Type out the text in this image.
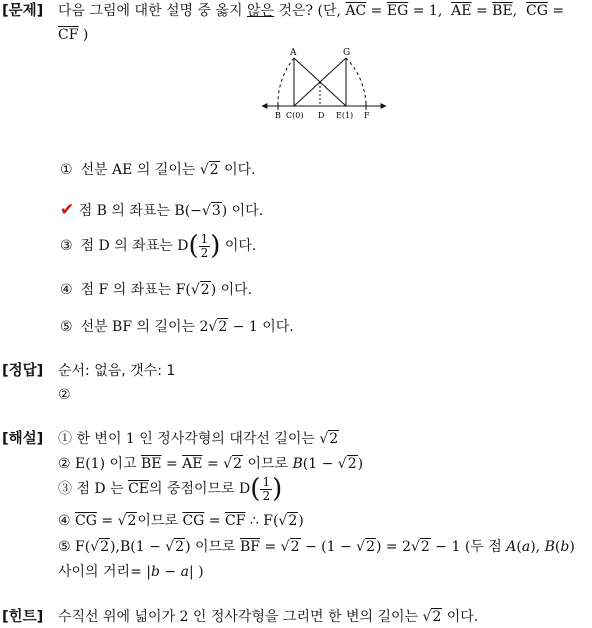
[문제] 다음 그림에 대한 설명 중 옳지 않은 것은? (단, $\overline{AC} = \overline{EG} = 1$,  $\overline{AE} = \overline{BE}$,  $\overline{CG}$ =
$\overline{CF}$ )
A	G
B C(0) D E(1) F
① 선분 AE 의 길이는 √2 이다.
✔ 점 B 의 좌표는 B(−√3) 이다.
③ 점 D 의 좌표는 $D( \frac{1}{2}$ ) 이다.
④ 점 F 의 좌표는 F(√2) 이다.
⑤ 선분 BF 의 길이는 2√2 − 1 이다.
[정답] 순서: 없음, 갯수: 1
②
[해설] ① 한 변이 1 인 정사각형의 대각선 길이는 √2
② E(1) 이고 $\overline{BE} = \overline{AE} = √2$ 이므로 B(1 − √2)
③ 점 D 는 $\overline{CE}$의 중점이므로 $D( \frac{1}{2}$ )
④ $\overline{CG} = √2$이므로 $\overline{CG} = \overline{CF}$ ∴ F(√2)
⑤ F(√2),B(1 − √2) 이므로 $\overline{BF} = √2 - (1 - √2) = 2√2 - 1$ (두 점 A(a), B(b)
사이의 거리= |b − a| )
[힌트] 수직선 위에 넓이가 2 인 정사각형을 그리면 한 변의 길이는 √2 이다.
